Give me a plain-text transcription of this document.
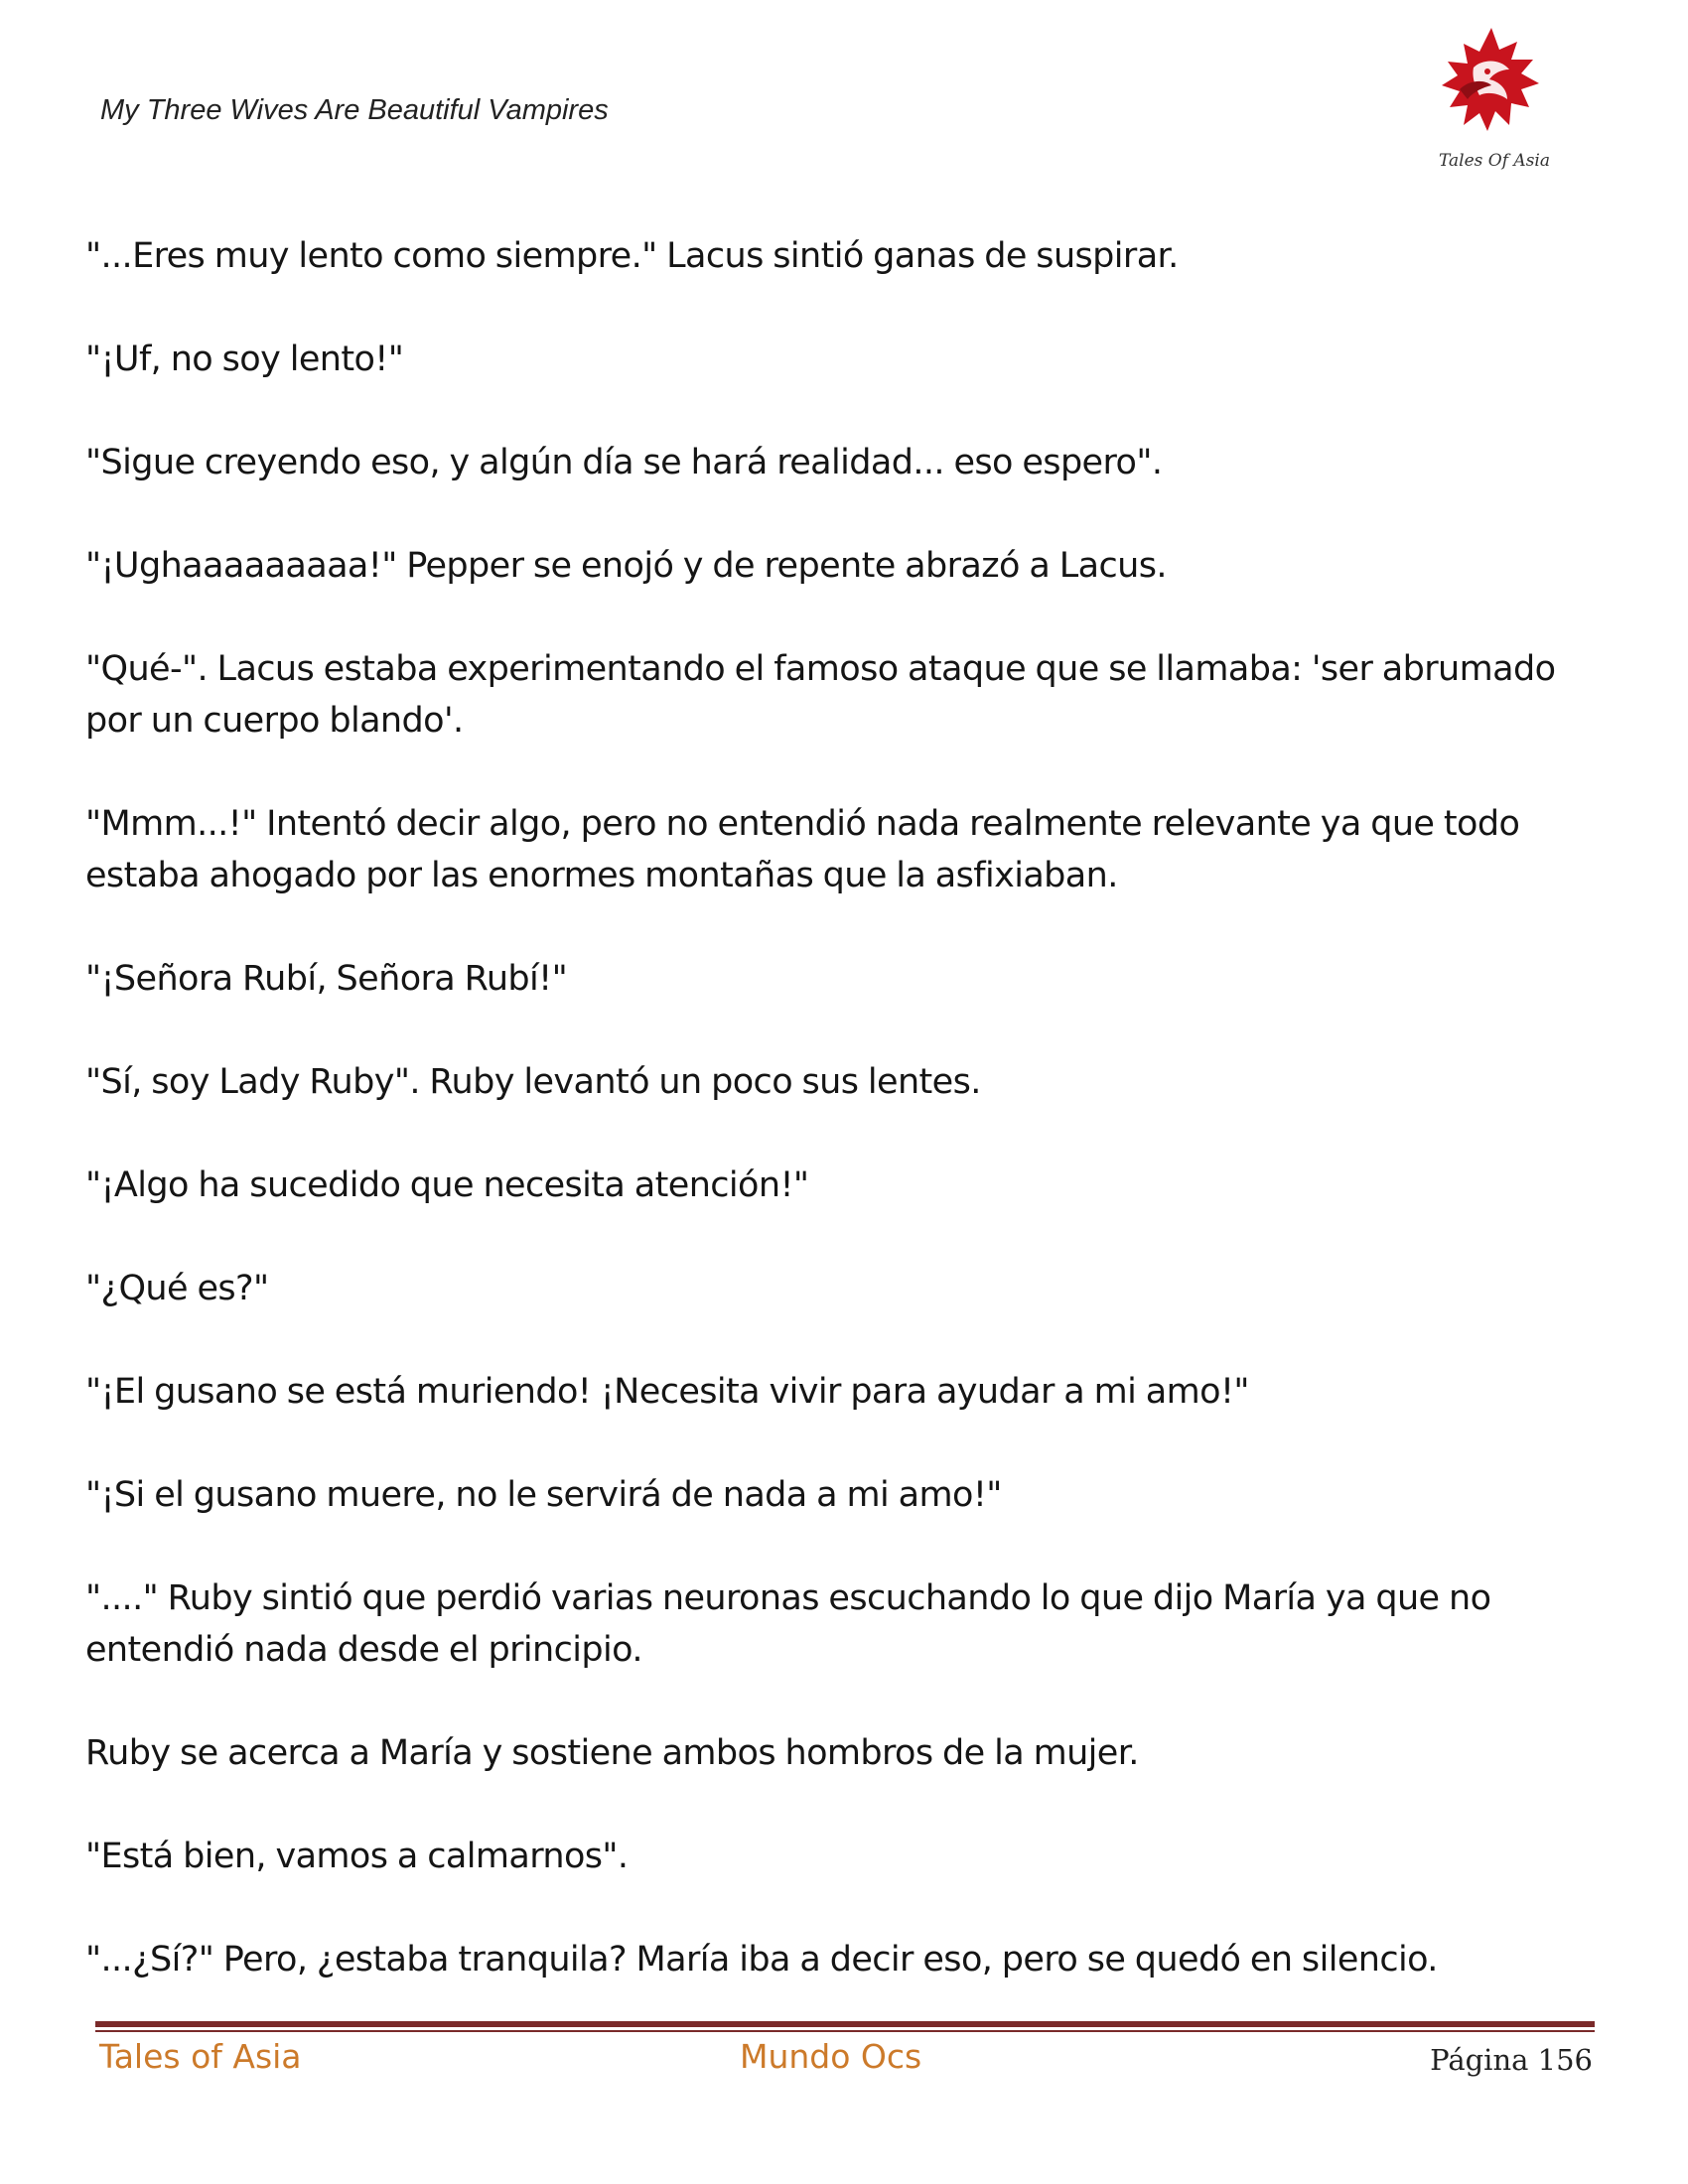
My Three Wives Are Beautiful Vampires
Tales Of Asia

"...Eres muy lento como siempre." Lacus sintió ganas de suspirar.

"¡Uf, no soy lento!"

"Sigue creyendo eso, y algún día se hará realidad... eso espero".

"¡Ughaaaaaaaaa!" Pepper se enojó y de repente abrazó a Lacus.

"Qué-". Lacus estaba experimentando el famoso ataque que se llamaba: 'ser abrumado por un cuerpo blando'.

"Mmm...!" Intentó decir algo, pero no entendió nada realmente relevante ya que todo estaba ahogado por las enormes montañas que la asfixiaban.

"¡Señora Rubí, Señora Rubí!"

"Sí, soy Lady Ruby". Ruby levantó un poco sus lentes.

"¡Algo ha sucedido que necesita atención!"

"¿Qué es?"

"¡El gusano se está muriendo! ¡Necesita vivir para ayudar a mi amo!"

"¡Si el gusano muere, no le servirá de nada a mi amo!"

"...." Ruby sintió que perdió varias neuronas escuchando lo que dijo María ya que no entendió nada desde el principio.

Ruby se acerca a María y sostiene ambos hombros de la mujer.

"Está bien, vamos a calmarnos".

"...¿Sí?" Pero, ¿estaba tranquila? María iba a decir eso, pero se quedó en silencio.

Tales of Asia	Mundo Ocs	Página 156
